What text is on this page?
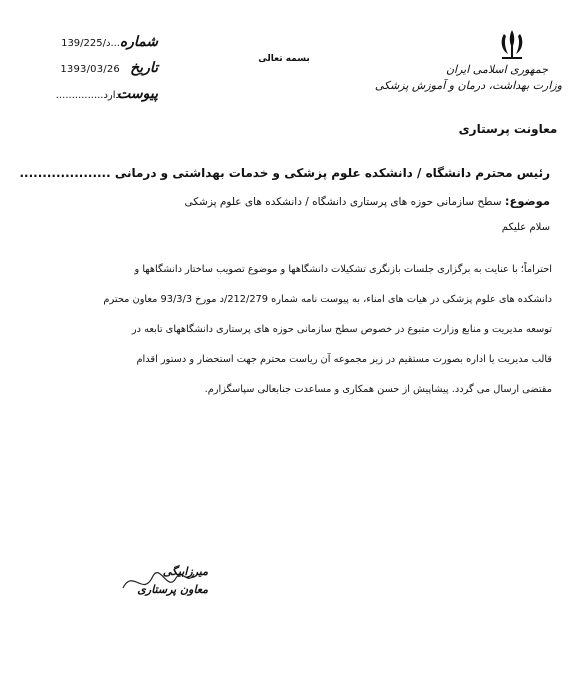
جمهوری اسلامی ایران
وزارت بهداشت، درمان و آموزش پزشکی
معاونت پرستاری
بسمه تعالی
شماره
139/225/د...
تاریخ
1393/03/26
پیوست
دارد...............
رئیس محترم دانشگاه / دانشکده علوم پزشکی و خدمات بهداشتی و درمانی ....................
موضوع: سطح سازمانی حوزه های پرستاری دانشگاه / دانشکده های علوم پزشکی
سلام علیکم
احتراماً؛ با عنایت به برگزاری جلسات بازنگری تشکیلات دانشگاهها و موضوع تصویب ساختار دانشگاهها و
دانشکده های علوم پزشکی در هیات های امناء، به پیوست نامه شماره 212/279/د مورخ 93/3/3 معاون محترم
توسعه مدیریت و منابع وزارت متبوع در خصوص سطح سازمانی حوزه های پرستاری دانشگاههای تابعه در
قالب مدیریت یا اداره بصورت مستقیم در زیر مجموعه آن ریاست محترم جهت استحضار و دستور اقدام
مقتضی ارسال می گردد. پیشاپیش از حسن همکاری و مساعدت جنابعالی سپاسگزارم.
میرزابیگی
معاون پرستاری
